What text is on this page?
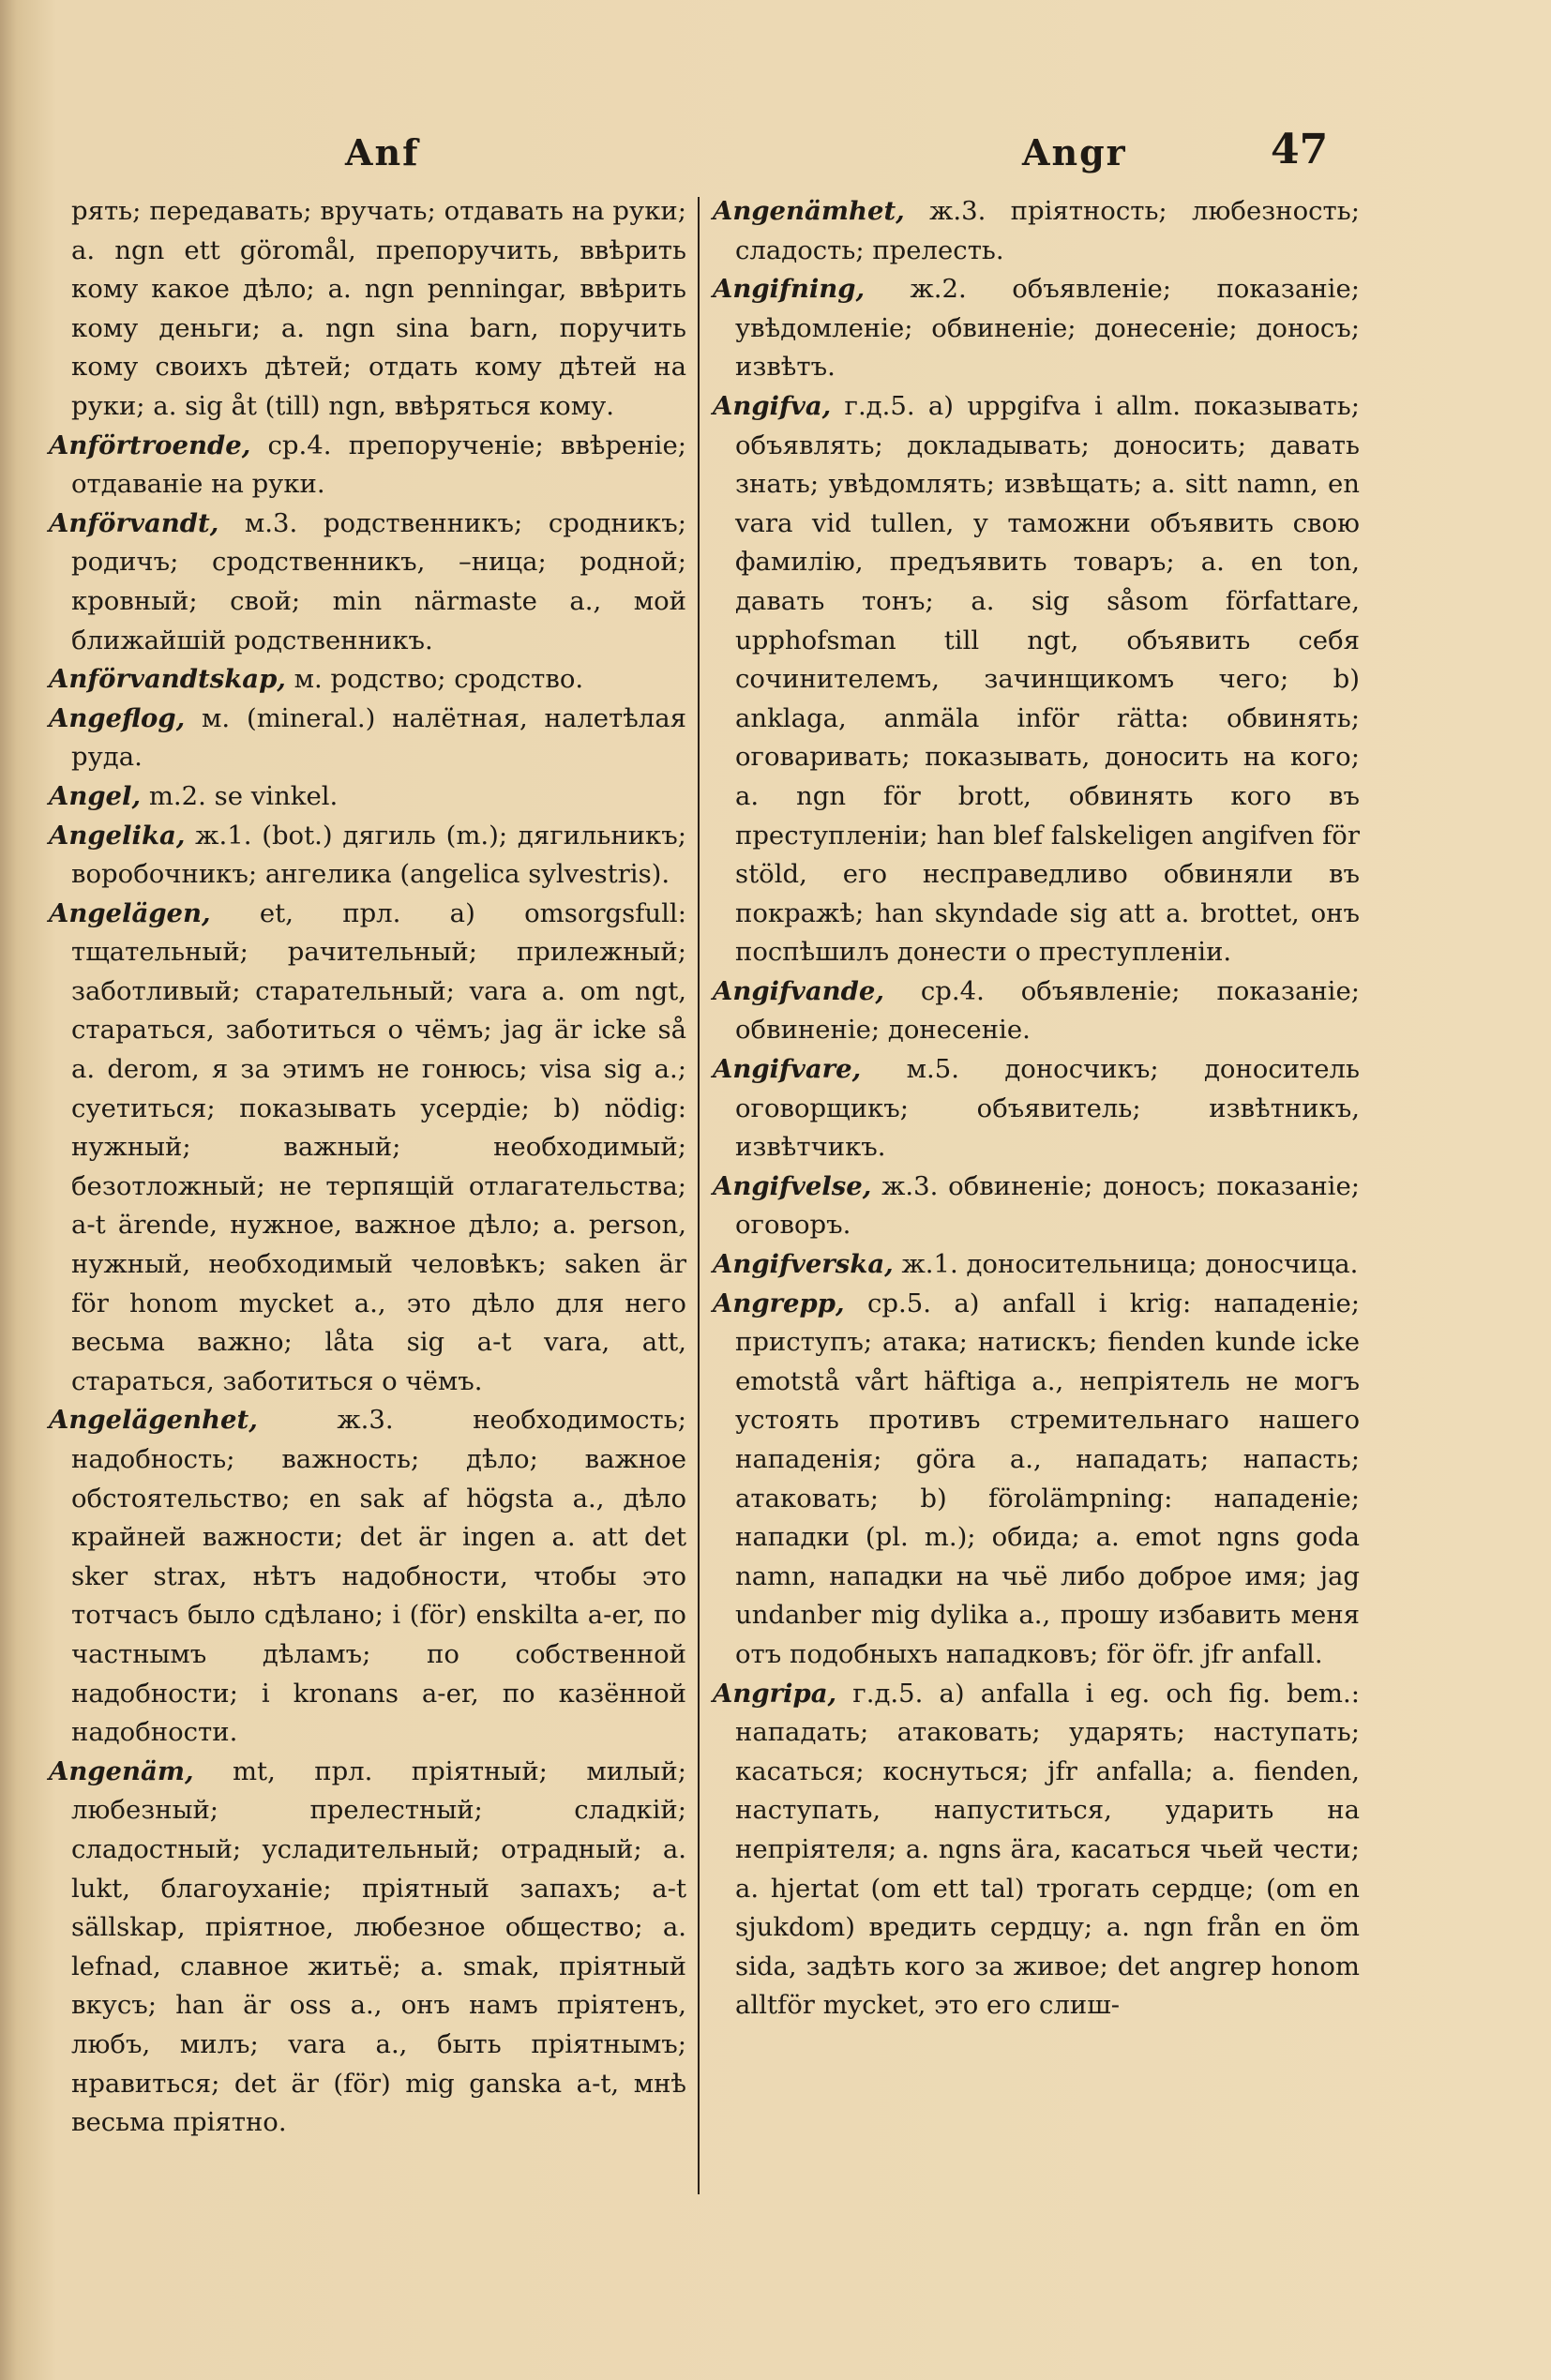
Anf	Angr	47
рять; передавать; вручать; отдавать на руки; a. ngn ett göromål, препоручить, ввѣрить кому какое дѣло; a. ngn penningar, ввѣрить кому деньги; a. ngn sina barn, поручить кому своихъ дѣтей; отдать кому дѣтей на руки; a. sig åt (till) ngn, ввѣряться кому.
Anförtroende, ср.4. препорученіе; ввѣреніе; отдаваніе на руки.
Anförvandt, м.3. родственникъ; сродникъ; родичъ; сродственникъ, –ница; родной; кровный; свой; min närmaste a., мой ближайшій родственникъ.
Anförvandtskap, м. родство; сродство.
Angeflog, м. (mineral.) налётная, налетѣлая руда.
Angel, m.2. se vinkel.
Angelika, ж.1. (bot.) дягиль (m.); дягильникъ; воробочникъ; ангелика (angelica sylvestris).
Angelägen, et, прл. a) omsorgsfull: тщательный; рачительный; прилежный; заботливый; старательный; vara a. om ngt, стараться, заботиться о чёмъ; jag är icke så a. derom, я за этимъ не гонюсь; visa sig a.; суетиться; показывать усердіе; b) nödig: нужный; важный; необходимый; безотложный; не терпящій отлагательства; a-t ärende, нужное, важное дѣло; a. person, нужный, необходимый человѣкъ; saken är för honom mycket a., это дѣло для него весьма важно; låta sig a-t vara, att, стараться, заботиться о чёмъ.
Angelägenhet,	ж.3. необходимость; надобность; важность; дѣло; важное обстоятельство; en sak af högsta a., дѣло крайней важности; det är ingen a. att det sker strax, нѣтъ надобности, чтобы это тотчасъ было сдѣлано; i (för) enskilta a-er, по частнымъ дѣламъ; по собственной надобности; i kronans a-er, по казённой надобности.
Angenäm, mt, прл. пріятный; милый; любезный; прелестный; сладкій; сладостный; усладительный; отрадный; a. lukt, благоуханіе; пріятный запахъ; a-t sällskap, пріятное, любезное общество; a. lefnad, славное житьё; a. smak, пріятный вкусъ; han är oss a., онъ намъ пріятенъ, любъ, милъ; vara a., быть пріятнымъ; нравиться; det är (för) mig ganska a-t, мнѣ весьма пріятно.
Angenämhet, ж.3. пріятность; любезность; сладость; прелесть.
Angifning, ж.2. объявленіе; показаніе; увѣдомленіе; обвиненіе; донесеніе; доносъ; извѣтъ.
Angifva, г.д.5. a) uppgifva i allm. показывать; объявлять; докладывать; доносить; давать знать; увѣдомлять; извѣщать; a. sitt namn, en vara vid tullen, у таможни объявить свою фамилію, предъявить товаръ; a. en ton, давать тонъ; a. sig såsom författare, upphofsman till ngt, объявить себя сочинителемъ, зачинщикомъ чего; b) anklaga, anmäla inför rätta: обвинять; оговаривать; показывать, доносить на кого; a. ngn för brott, обвинять кого въ преступленіи; han blef falskeligen angifven för stöld, его несправедливо обвиняли въ покражѣ; han skyndade sig att a. brottet, онъ поспѣшилъ донести о преступленіи.
Angifvande, ср.4. объявленіе; показаніе; обвиненіе; донесеніе.
Angifvare, м.5. доносчикъ; доноситель оговорщикъ; объявитель; извѣтникъ, извѣтчикъ.
Angifvelse, ж.3. обвиненіе; доносъ; показаніе; оговоръ.
Angifverska, ж.1. доносительница; доносчица.
Angrepp, ср.5. a) anfall i krig: нападеніе; приступъ; атака; натискъ; fienden kunde icke emotstå vårt häftiga a., непріятель не могъ устоять противъ стремительнаго нашего нападенія; göra a., нападать; напасть; атаковать; b) förolämpning: нападеніе; нападки (pl. m.); обида; a. emot ngns goda namn, нападки на чьё либо доброе имя; jag undanber mig dylika a., прошу избавить меня отъ подобныхъ нападковъ; för öfr. jfr anfall.
Angripa, г.д.5. a) anfalla i eg. och fig. bem.: нападать; атаковать; ударять; наступать; касаться; коснуться; jfr anfalla; a. fienden, наступать, напуститься, ударить на непріятеля; a. ngns ära, касаться чьей чести; a. hjertat (om ett tal) трогать сердце; (om en sjukdom) вредить сердцу; a. ngn från en öm sida, задѣть кого за живое; det angrep honom alltför mycket, это его слиш-
